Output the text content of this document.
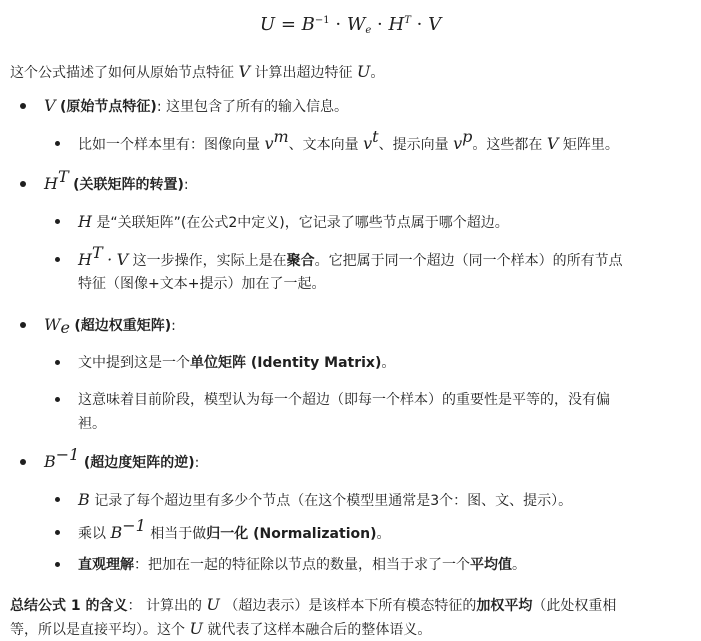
$U = B^{-1} \cdot W_e \cdot H^T \cdot V$
这个公式描述了如何从原始节点特征 V 计算出超边特征 U。
V (原始节点特征): 这里包含了所有的输入信息。
比如一个样本里有：图像向量 $v^m$、文本向量 $v^t$、提示向量 $v^p$。这些都在 V 矩阵里。
$H^T$ (关联矩阵的转置):
H 是“关联矩阵”(在公式2中定义)，它记录了哪些节点属于哪个超边。
$H^T \cdot V$ 这一步操作，实际上是在聚合。它把属于同一个超边（同一个样本）的所有节点
特征（图像+文本+提示）加在了一起。
$W_e$ (超边权重矩阵):
文中提到这是一个单位矩阵 (Identity Matrix)。
这意味着目前阶段，模型认为每一个超边（即每一个样本）的重要性是平等的，没有偏
袒。
$B^{-1}$ (超边度矩阵的逆):
B 记录了每个超边里有多少个节点（在这个模型里通常是3个：图、文、提示）。
乘以 $B^{-1}$ 相当于做归一化 (Normalization)。
直观理解：把加在一起的特征除以节点的数量，相当于求了一个平均值。
总结公式 1 的含义： 计算出的 U （超边表示）是该样本下所有模态特征的加权平均（此处权重相
等，所以是直接平均）。这个 U 就代表了这样本融合后的整体语义。
